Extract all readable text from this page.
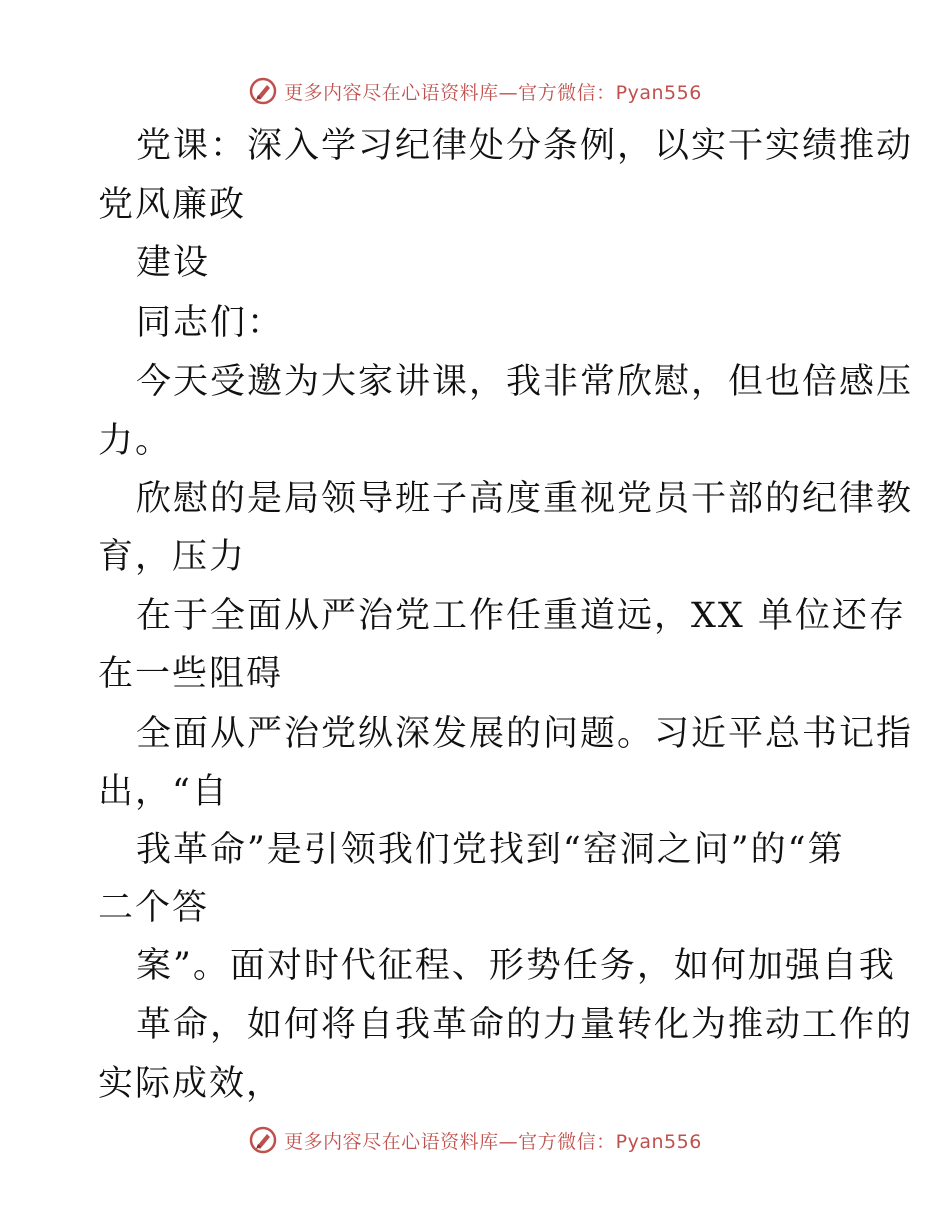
更多内容尽在心语资料库—官方微信：Pyan556
党课：深入学习纪律处分条例，以实干实绩推动
党风廉政
建设
同志们：
今天受邀为大家讲课，我非常欣慰，但也倍感压
力。
欣慰的是局领导班子高度重视党员干部的纪律教
育，压力
在于全面从严治党工作任重道远，XX 单位还存
在一些阻碍
全面从严治党纵深发展的问题。习近平总书记指
出，“自
我革命”是引领我们党找到“窑洞之问”的“第
二个答
案”。面对时代征程、形势任务，如何加强自我
革命，如何将自我革命的力量转化为推动工作的
实际成效，
更多内容尽在心语资料库—官方微信：Pyan556
